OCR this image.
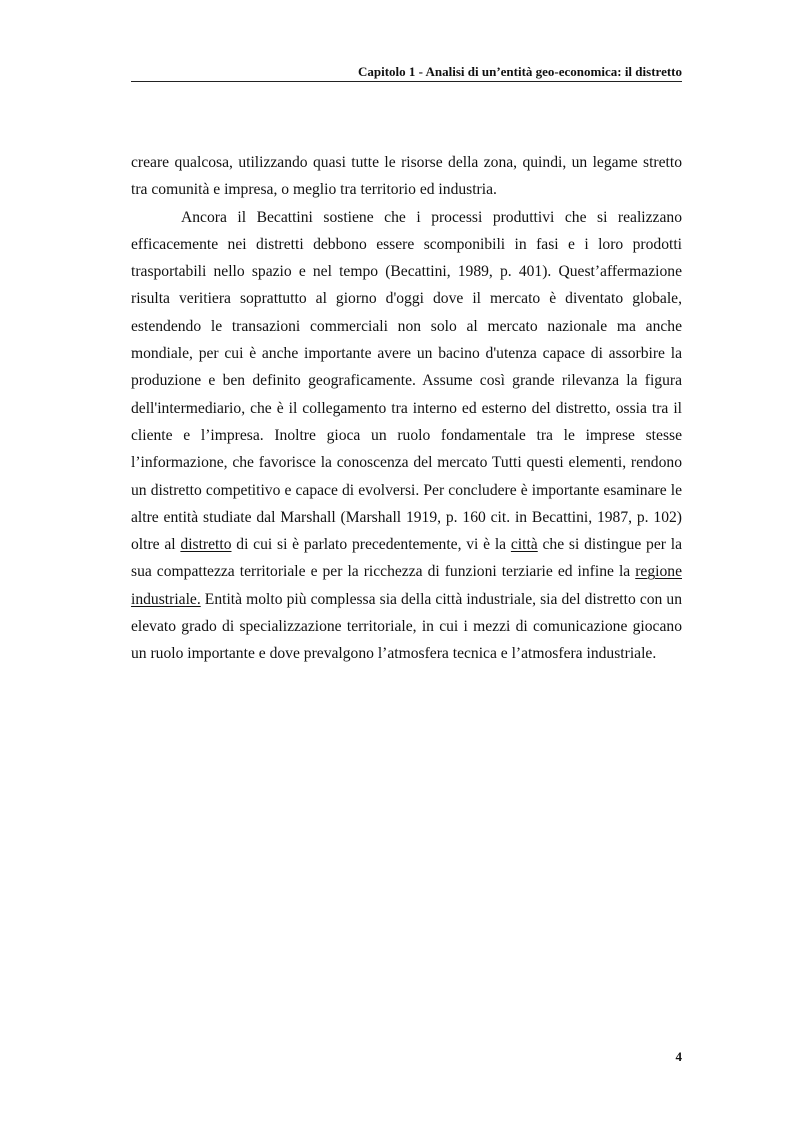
Capitolo 1 - Analisi di un’entità geo-economica: il distretto

creare qualcosa, utilizzando quasi tutte le risorse della zona, quindi, un legame stretto tra comunità e impresa, o meglio tra territorio ed industria.

Ancora il Becattini sostiene che i processi produttivi che si realizzano efficacemente nei distretti debbono essere scomponibili in fasi e i loro prodotti trasportabili nello spazio e nel tempo (Becattini, 1989, p. 401). Quest’affermazione risulta veritiera soprattutto al giorno d'oggi dove il mercato è diventato globale, estendendo le transazioni commerciali non solo al mercato nazionale ma anche mondiale, per cui è anche importante avere un bacino d'utenza capace di assorbire la produzione e ben definito geograficamente. Assume così grande rilevanza la figura dell'intermediario, che è il collegamento tra interno ed esterno del distretto, ossia tra il cliente e l’impresa. Inoltre gioca un ruolo fondamentale tra le imprese stesse l’informazione, che favorisce la conoscenza del mercato Tutti questi elementi, rendono un distretto competitivo e capace di evolversi. Per concludere è importante esaminare le altre entità studiate dal Marshall (Marshall 1919, p. 160 cit. in Becattini, 1987, p. 102) oltre al distretto di cui si è parlato precedentemente, vi è la città che si distingue per la sua compattezza territoriale e per la ricchezza di funzioni terziarie ed infine la regione industriale. Entità molto più complessa sia della città industriale, sia del distretto con un elevato grado di specializzazione territoriale, in cui i mezzi di comunicazione giocano un ruolo importante e dove prevalgono l’atmosfera tecnica e l’atmosfera industriale.

4
